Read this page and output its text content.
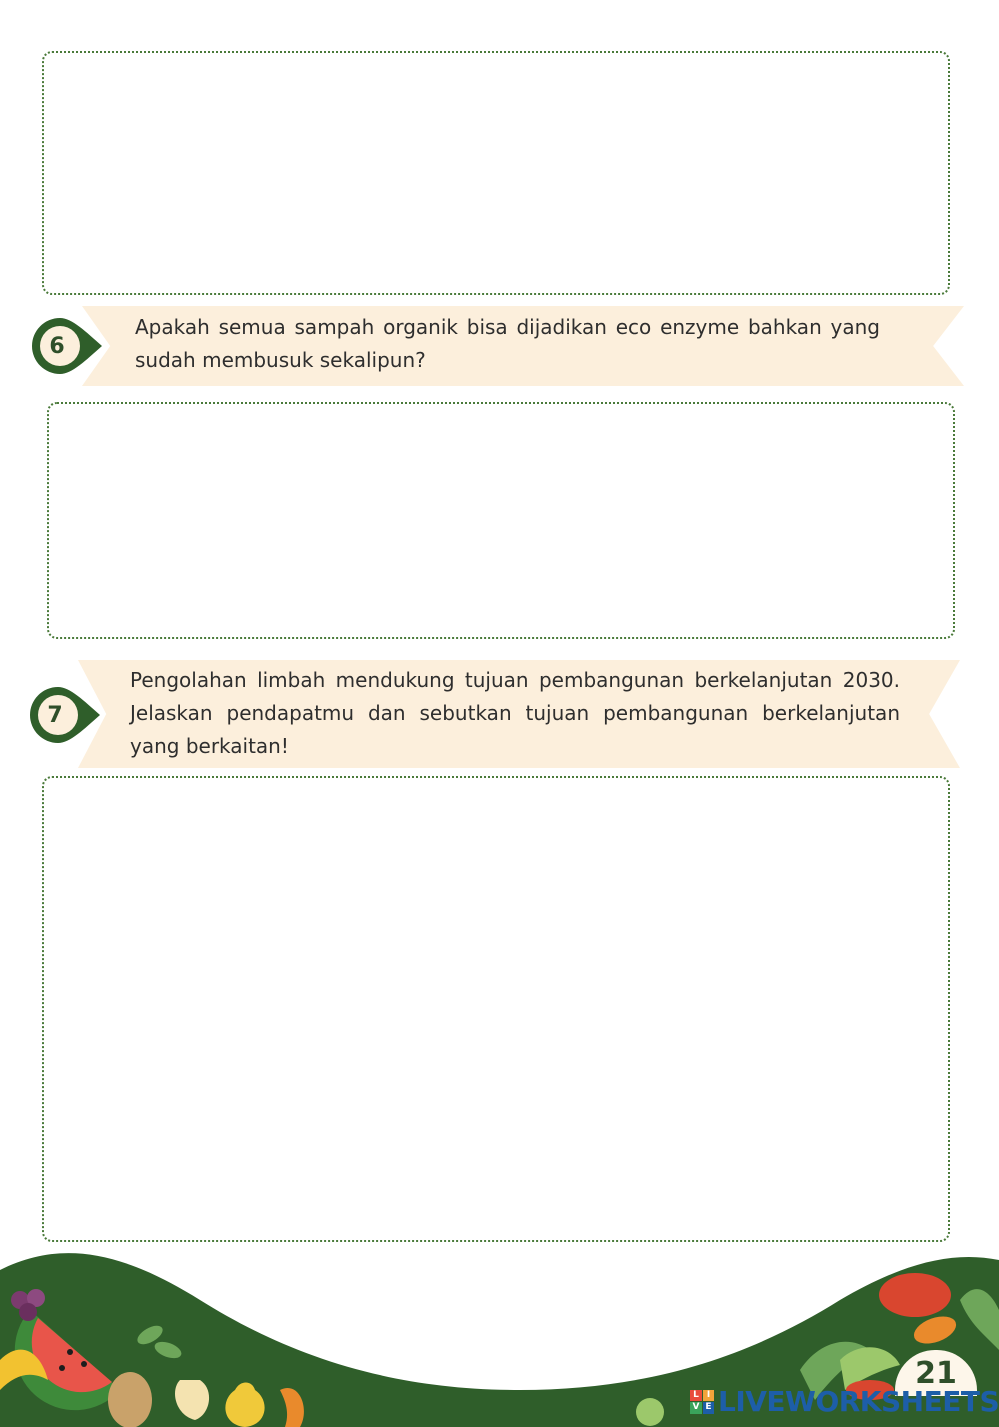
6
Apakah semua sampah organik bisa dijadikan eco enzyme bahkan yang sudah membusuk sekalipun?
7
Pengolahan limbah mendukung tujuan pembangunan berkelanjutan 2030. Jelaskan pendapatmu dan sebutkan tujuan pembangunan berkelanjutan yang berkaitan!
21
L I
V E LIVEWORKSHEETS
